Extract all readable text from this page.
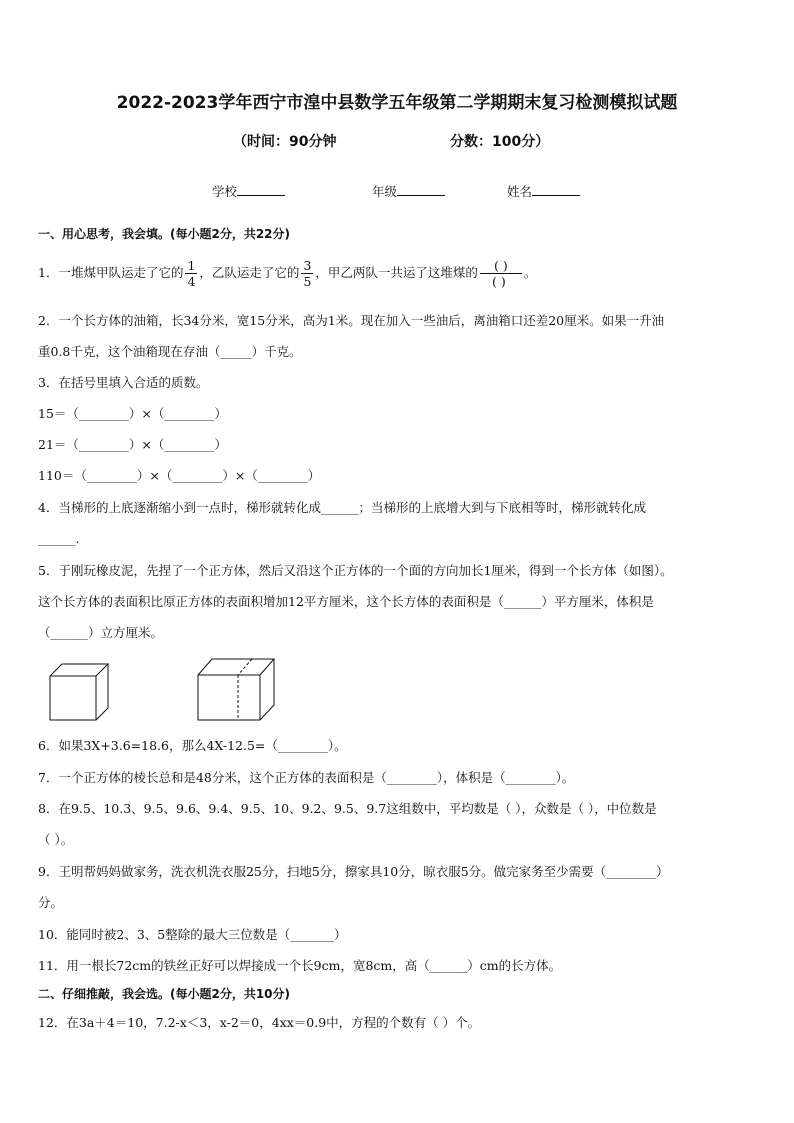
2022-2023学年西宁市湟中县数学五年级第二学期期末复习检测模拟试题
（时间：90分钟	分数：100分）
学校	年级	姓名
一、用心思考，我会填。(每小题2分，共22分)
1．一堆煤甲队运走了它的 $\frac{1}{4}$ ，乙队运走了它的 $\frac{3}{5}$ ，甲乙两队一共运了这堆煤的 $\frac{( )}{( )}$ 。
2．一个长方体的油箱，长34分米，宽15分米，高为1米。现在加入一些油后，离油箱口还差20厘米。如果一升油
重0.8千克，这个油箱现在存油（_____）千克。
3．在括号里填入合适的质数。
15＝（________）×（________）
21＝（________）×（________）
110＝（________）×（________）×（________）
4．当梯形的上底逐渐缩小到一点时，梯形就转化成______；当梯形的上底增大到与下底相等时，梯形就转化成
______.
5．于刚玩橡皮泥，先捏了一个正方体，然后又沿这个正方体的一个面的方向加长1厘米，得到一个长方体（如图）。
这个长方体的表面积比原正方体的表面积增加12平方厘米，这个长方体的表面积是（______）平方厘米，体积是
（______）立方厘米。
6．如果3X+3.6=18.6，那么4X-12.5=（________）。
7．一个正方体的棱长总和是48分米，这个正方体的表面积是（________），体积是（________）。
8．在9.5、10.3、9.5、9.6、9.4、9.5、10、9.2、9.5、9.7这组数中，平均数是（ ），众数是（ ），中位数是
（ ）。
9．王明帮妈妈做家务，洗衣机洗衣服25分，扫地5分，擦家具10分，晾衣服5分。做完家务至少需要（________）
分。
10．能同时被2、3、5整除的最大三位数是（_______）
11．用一根长72cm的铁丝正好可以焊接成一个长9cm，宽8cm，高（______）cm的长方体。
二、仔细推敲，我会选。(每小题2分，共10分)
12．在3a＋4＝10，7.2-x＜3，x-2＝0，4xx＝0.9中，方程的个数有（ ）个。
